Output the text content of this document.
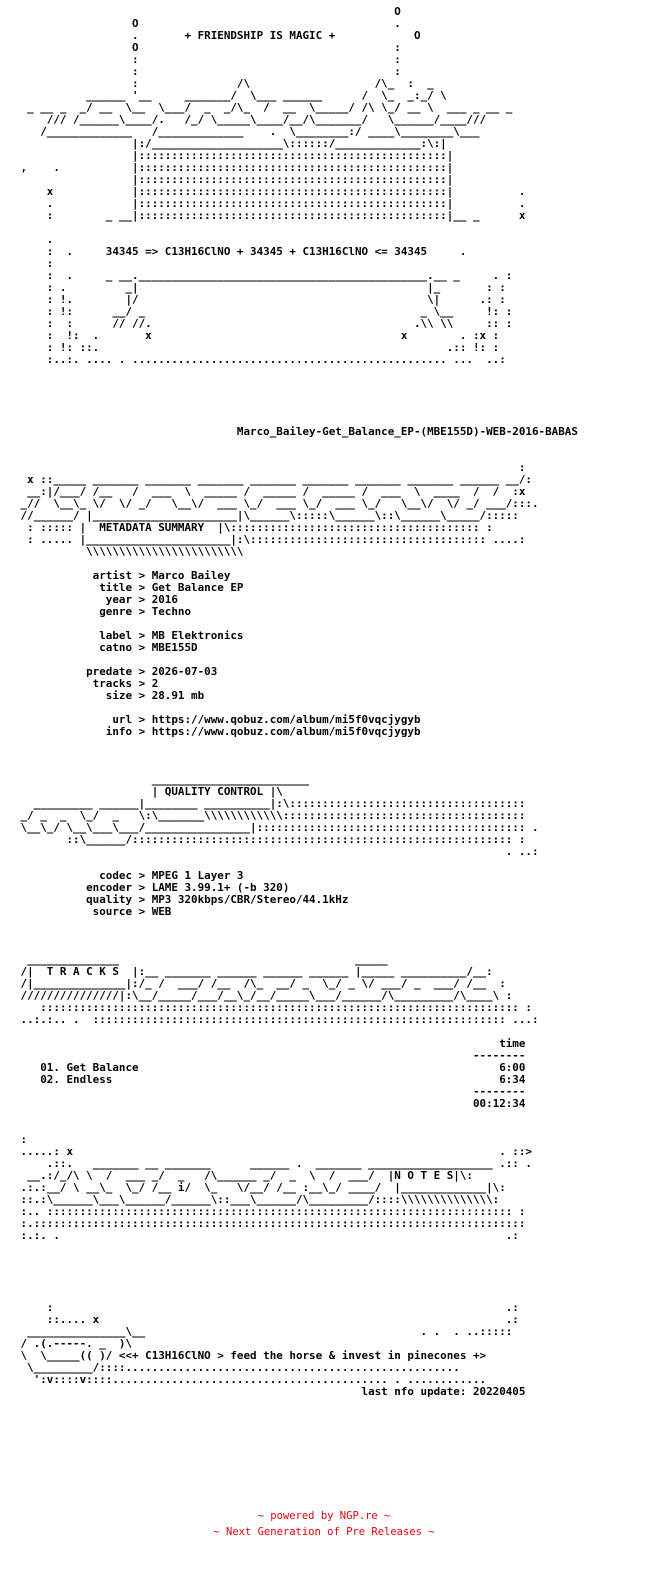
O
O                                       .
.       + FRIENDSHIP IS MAGIC +            O
O                                       :
:                                       :
:                                       :
:               /\                   /\_  :  _
______ '__     _______/  \___ ______      /  \_  _:_/ \
_ __ _  _/ __  \__  \___/  _  _/\_  /  __  \_____/ /\ \_/ __ \  ___ _ __ _
/// /______\____/.   /_/ \_____\____/__/\_______/   \______/____///
/_____________   /_____________    .  \________:/ ____\________\___
|:/____________________\::::::/_____________:\:|
|:::::::::::::::::::::::::::::::::::::::::::::::|
,    .           |:::::::::::::::::::::::::::::::::::::::::::::::|
|:::::::::::::::::::::::::::::::::::::::::::::::|
x            |:::::::::::::::::::::::::::::::::::::::::::::::|          .
.            |:::::::::::::::::::::::::::::::::::::::::::::::|          .
:        _ __|:::::::::::::::::::::::::::::::::::::::::::::::|__ _      x

.
:  .     34345 => C13H16ClNO + 34345 + C13H16ClNO <= 34345     .
:
:  .     _ __.____________________________________________.__ _     . :
: .         _|                                            |_       : :
: !.        |/                                            \|      .: :
: !:      __/ _                                          _ \__     !: :
:  :      // //.                                        .\\ \\     :: :
:  !:  .       x                                      x        . :x :
: !: ::.                                                     .:: !: :
:..:. .... . ................................................ ...  ..:

Marco_Bailey-Get_Balance_EP-(MBE155D)-WEB-2016-BABAS

:
x ::_____ _______ _______ _______ _______ _______ _______ _______ ______ __/:
__:|/___/ /__   /  ___  \  _____ /  _____ /  _____ /  ___  \  ____  /  /  :x
_//  \__\_ \/  \/ _/   \__\/  ___ \_/  ___ \_/  ___ \_/   \__\/  \/ _/ ___/:::.
//______/ |______________________|\______\:::::\______\::\______\_____/:::::
: ::::: |  METADATA SUMMARY  |\:::::::::::::::::::::::::::::::::::::: :
: ..... |______________________|:\:::::::::::::::::::::::::::::::::::: ....:
\\\\\\\\\\\\\\\\\\\\\\\\

artist > Marco Bailey
title > Get Balance EP
year > 2016
genre > Techno

label > MB Elektronics
catno > MBE155D

predate > 2026-07-03
tracks > 2
size > 28.91 mb

url > https://www.qobuz.com/album/mi5f0vqcjygyb
info > https://www.qobuz.com/album/mi5f0vqcjygyb

________________________
| QUALITY CONTROL |\
_________ ______|________ __________|:\::::::::::::::::::::::::::::::::::::
_/ _  _  \_/  _   \:\_______\\\\\\\\\\\\:::::::::::::::::::::::::::::::::::::
\__\_/ \__\___\___/________________|::::::::::::::::::::::::::::::::::::::::: .
::\______/:::::::::::::::::::::::::::::::::::::::::::::::::::::::::: :
. ..:

codec > MPEG 1 Layer 3
encoder > LAME 3.99.1+ (-b 320)
quality > MP3 320kbps/CBR/Stereo/44.1kHz
source > WEB

______________                                    _____
/|  T R A C K S  |:__ _______ ______ ______ ______ |_____ __________/__:
/|______________|:/_ /  ___/ /__  /\_  __/ _  \_/ _ \/ ___/ _  ___/ /__  :
///////////////|:\__/_____/___/__\_/__/_____\___/______/\_________/\____\ :
::::::::::::::::::::::::::::::::::::::::::::::::::::::::::::::::::::::::: :
..:.:.. .  ::::::::::::::::::::::::::::::::::::::::::::::::::::::::::::::: ...:

time
--------
01. Get Balance                                                       6:00
02. Endless                                                           6:34
--------
00:12:34

:
.....: x                                                                 . ::>
.::.   _______ __ _______      ______ .  _______ ___________________ .:: .
__.:/_/\ \  /  ___ _/  _   /\______ _/  _  \  /  ___/  |N O T E S|\:
.:.:__/ \ __\_  \_/ /__ i/  \_   \/__/ /__ :__\_/ ____/  |_____________|\:
::.:\______\___\______/______\::___\______/\_________/::::\\\\\\\\\\\\\\:
:.. ::::::::::::::::::::::::::::::::::::::::::::::::::::::::::::::::::::::: :
:.:::::::::::::::::::::::::::::::::::::::::::::::::::::::::::::::::::::::::::
:.:. .                                                                    .:

:                                                                     .:
::.... x                                                              .:
_______________\__                                          . .  . ..:::::
/ .(.-----. _  )\
\  \_____(( )/ <<+ C13H16ClNO > feed the horse & invest in pinecones +>
\_________/::::...................................................
':v::::v::::.......................................... . ............
last nfo update: 20220405

~ powered by NGP.re ~
~ Next Generation of Pre Releases ~
